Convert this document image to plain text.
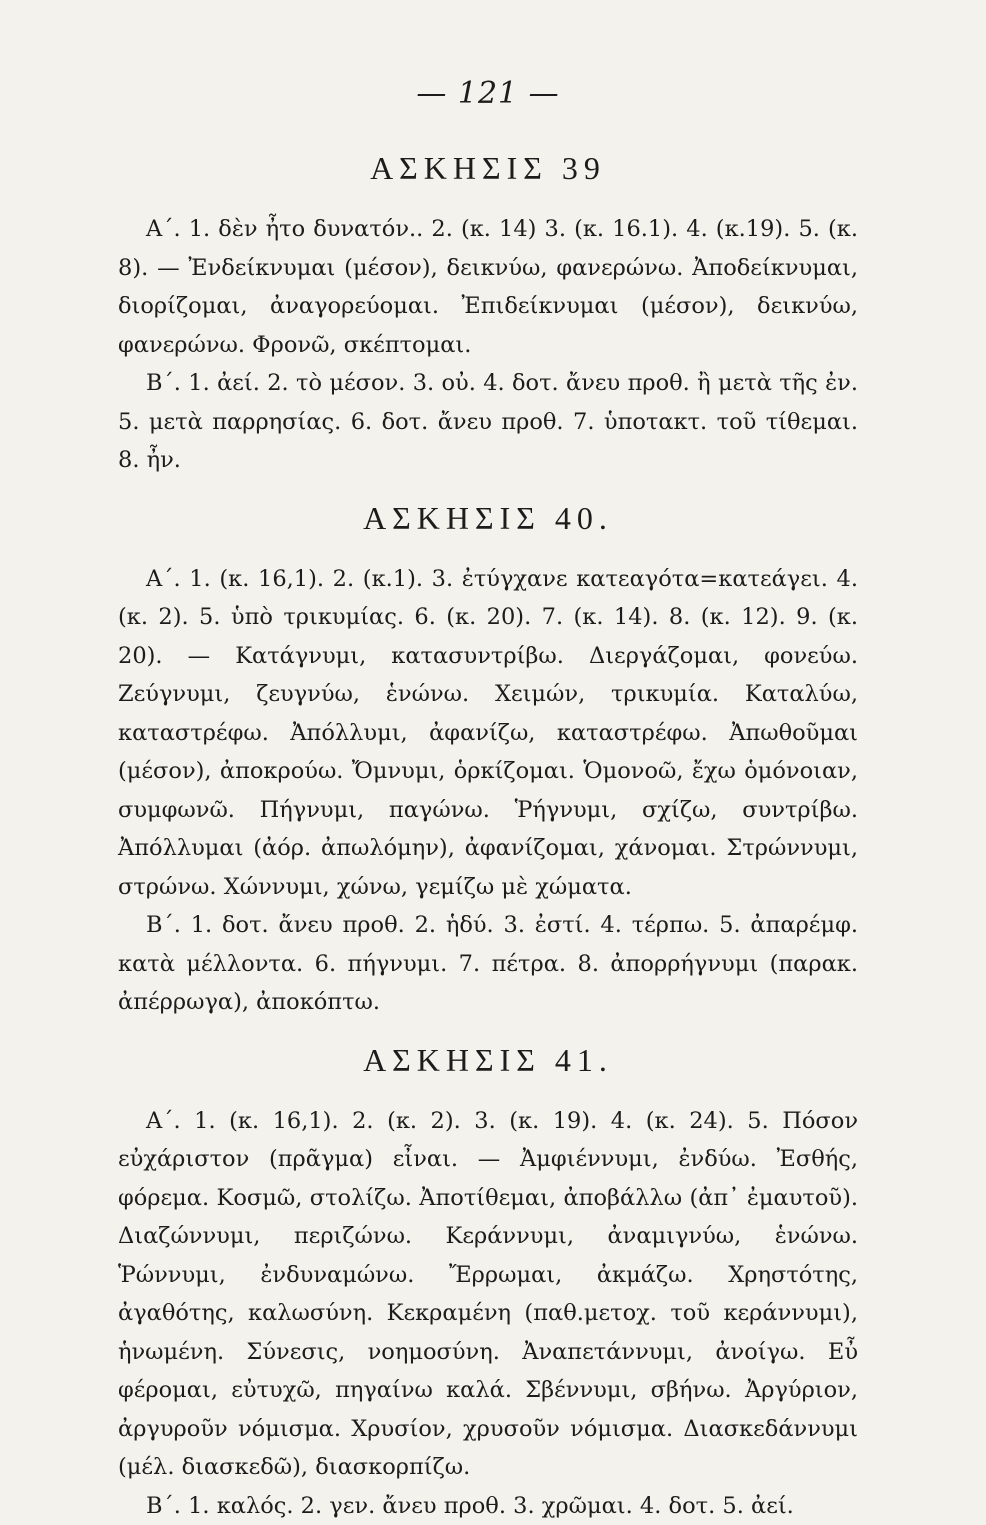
— 121 —
ΑΣΚΗΣΙΣ 39

Α΄. 1. δὲν ἦτο δυνατόν.. 2. (κ. 14) 3. (κ. 16.1). 4. (κ.19). 5. (κ. 8). — Ἐνδείκνυμαι (μέσον), δεικνύω, φανερώνω. Ἀποδείκνυμαι, διορίζομαι, ἀναγορεύομαι. Ἐπιδείκνυμαι (μέσον), δεικνύω, φανερώνω. Φρονῶ, σκέπτομαι.

Β΄. 1. ἀεί. 2. τὸ μέσον. 3. οὐ. 4. δοτ. ἄνευ προθ. ἢ μετὰ τῆς ἐν. 5. μετὰ παρρησίας. 6. δοτ. ἄνευ προθ. 7. ὑποτακτ. τοῦ τίθεμαι. 8. ἦν.

ΑΣΚΗΣΙΣ 40.

Α΄. 1. (κ. 16,1). 2. (κ.1). 3. ἐτύγχανε κατεαγότα=κατεάγει. 4. (κ. 2). 5. ὑπὸ τρικυμίας. 6. (κ. 20). 7. (κ. 14). 8. (κ. 12). 9. (κ. 20). — Κατάγνυμι, κατασυντρίβω. Διεργάζομαι, φονεύω. Ζεύγνυμι, ζευγνύω, ἑνώνω. Χειμών, τρικυμία. Καταλύω, καταστρέφω. Ἀπόλλυμι, ἀφανίζω, καταστρέφω. Ἀπωθοῦμαι (μέσον), ἀποκρούω. Ὄμνυμι, ὁρκίζομαι. Ὁμονοῶ, ἔχω ὁμόνοιαν, συμφωνῶ. Πήγνυμι, παγώνω. Ῥήγνυμι, σχίζω, συντρίβω. Ἀπόλλυμαι (ἀόρ. ἀπωλόμην), ἀφανίζομαι, χάνομαι. Στρώννυμι, στρώνω. Χώννυμι, χώνω, γεμίζω μὲ χώματα.

Β΄. 1. δοτ. ἄνευ προθ. 2. ἡδύ. 3. ἐστί. 4. τέρπω. 5. ἀπαρέμφ. κατὰ μέλλοντα. 6. πήγνυμι. 7. πέτρα. 8. ἀπορρήγνυμι (παρακ. ἀπέρρωγα), ἀποκόπτω.

ΑΣΚΗΣΙΣ 41.

Α΄. 1. (κ. 16,1). 2. (κ. 2). 3. (κ. 19). 4. (κ. 24). 5. Πόσον εὐχάριστον (πρᾶγμα) εἶναι. — Ἀμφιέννυμι, ἐνδύω. Ἐσθής, φόρεμα. Κοσμῶ, στολίζω. Ἀποτίθεμαι, ἀποβάλλω (ἀπ᾽ ἐμαυτοῦ). Διαζώννυμι, περιζώνω. Κεράννυμι, ἀναμιγνύω, ἑνώνω. Ῥώννυμι, ἐνδυναμώνω. Ἔρρωμαι, ἀκμάζω. Χρηστότης, ἀγαθότης, καλωσύνη. Κεκραμένη (παθ.μετοχ. τοῦ κεράννυμι), ἡνωμένη. Σύνεσις, νοημοσύνη. Ἀναπετάννυμι, ἀνοίγω. Εὖ φέρομαι, εὐτυχῶ, πηγαίνω καλά. Σβέννυμι, σβήνω. Ἀργύριον, ἀργυροῦν νόμισμα. Χρυσίον, χρυσοῦν νόμισμα. Διασκεδάννυμι (μέλ. διασκεδῶ), διασκορπίζω.

Β΄. 1. καλός. 2. γεν. ἄνευ προθ. 3. χρῶμαι. 4. δοτ. 5. ἀεί.
